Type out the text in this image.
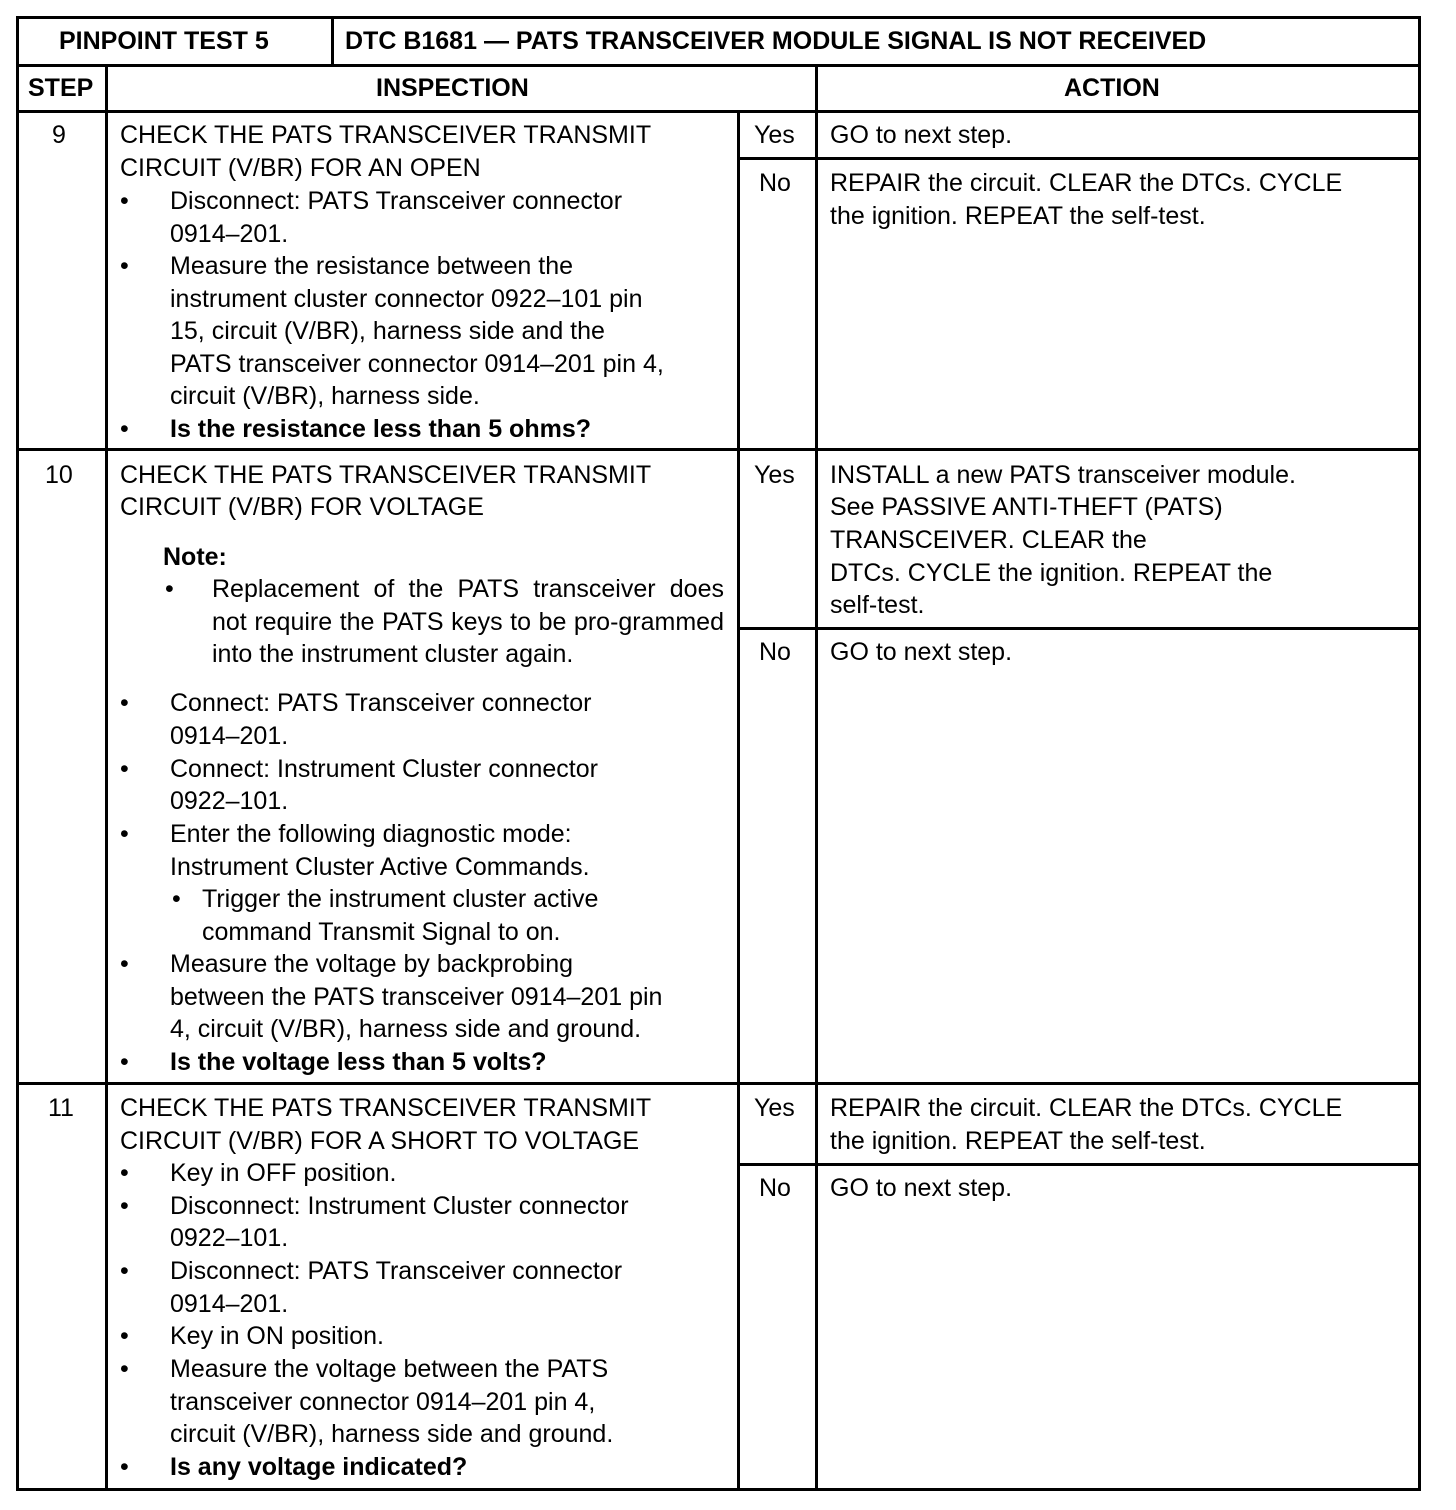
PINPOINT TEST 5	DTC B1681 — PATS TRANSCEIVER MODULE SIGNAL IS NOT RECEIVED
STEP	INSPECTION	ACTION
9 CHECK THE PATS TRANSCEIVER TRANSMIT
CIRCUIT (V/BR) FOR AN OPEN
• Disconnect: PATS Transceiver connector
0914–201.
• Measure the resistance between the
instrument cluster connector 0922–101 pin
15, circuit (V/BR), harness side and the
PATS transceiver connector 0914–201 pin 4,
circuit (V/BR), harness side.
• Is the resistance less than 5 ohms?
Yes GO to next step.
No REPAIR the circuit. CLEAR the DTCs. CYCLE
the ignition. REPEAT the self-test.
10 CHECK THE PATS TRANSCEIVER TRANSMIT
CIRCUIT (V/BR) FOR VOLTAGE
Note:
• Replacement of the PATS transceiver does not require the PATS keys to be pro-grammed into the instrument cluster again.
• Connect: PATS Transceiver connector
0914–201.
• Connect: Instrument Cluster connector
0922–101.
• Enter the following diagnostic mode:
Instrument Cluster Active Commands.
• Trigger the instrument cluster active
command Transmit Signal to on.
• Measure the voltage by backprobing
between the PATS transceiver 0914–201 pin
4, circuit (V/BR), harness side and ground.
• Is the voltage less than 5 volts?
Yes INSTALL a new PATS transceiver module.
See PASSIVE ANTI-THEFT (PATS)
TRANSCEIVER. CLEAR the
DTCs. CYCLE the ignition. REPEAT the
self-test.
No GO to next step.
11 CHECK THE PATS TRANSCEIVER TRANSMIT
CIRCUIT (V/BR) FOR A SHORT TO VOLTAGE
• Key in OFF position.
• Disconnect: Instrument Cluster connector
0922–101.
• Disconnect: PATS Transceiver connector
0914–201.
• Key in ON position.
• Measure the voltage between the PATS
transceiver connector 0914–201 pin 4,
circuit (V/BR), harness side and ground.
• Is any voltage indicated?
Yes REPAIR the circuit. CLEAR the DTCs. CYCLE
the ignition. REPEAT the self-test.
No GO to next step.
